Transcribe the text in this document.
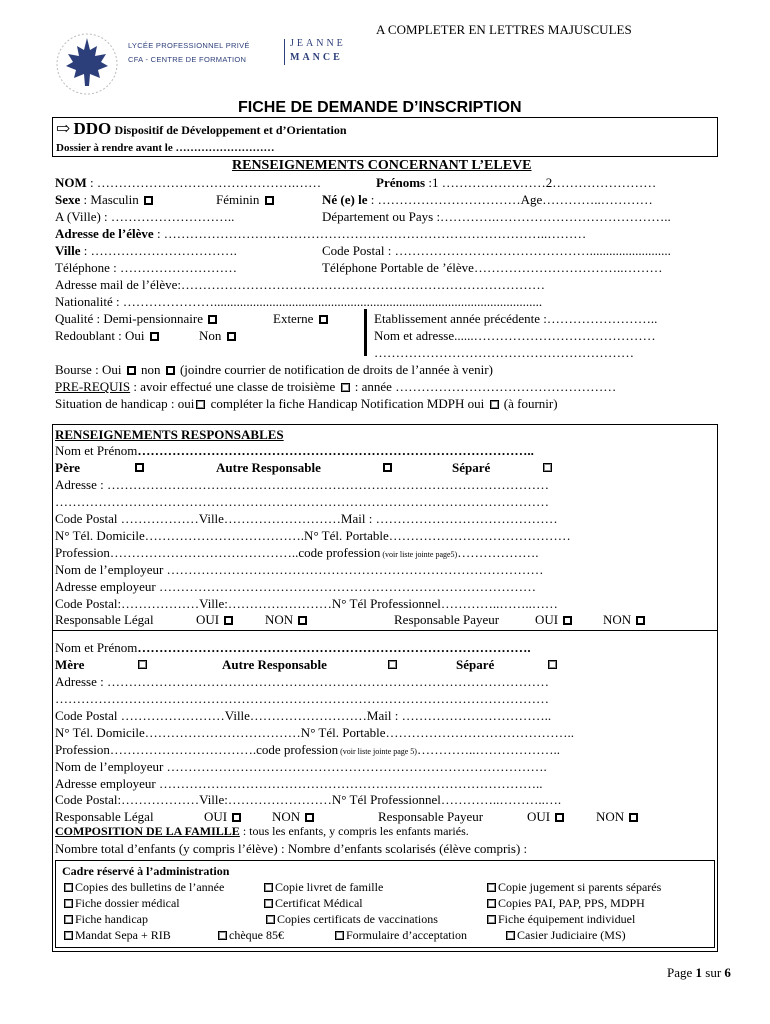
A COMPLETER EN LETTRES MAJUSCULES
LYCÉE PROFESSIONNEL PRIVÉ
CFA - CENTRE DE FORMATION
JEANNE
MANCE
FICHE DE DEMANDE D’INSCRIPTION
⇨ DDO Dispositif de Développement et d’Orientation
Dossier à rendre avant le ………………………
RENSEIGNEMENTS CONCERNANT L’ELEVE
NOM : ……………………………………….……	Prénoms :1 ……………………2……………………
Sexe : Masculin	Féminin	Né (e) le : ……………………………Age…………..…………
A (Ville) : ………………………..	Département ou Pays :………….…………………………………..
Adresse de l’élève : ……………………………………………………………………………..………
Ville : …………………………….	Code Postal : ……………………………………….........................
Téléphone : ………………………	Téléphone Portable de ’élève……………………………..………
Adresse mail de l’élève:…………………………………………………………………………
Nationalité : ………………….....................................................................................................
Qualité : Demi-pensionnaire	Externe
Redoublant : Oui	Non
Etablissement année précédente :……………………..
Nom et adresse......……………………………………
……………………………………………………
Bourse : Oui  non  (joindre courrier de notification de droits de l’année à venir)
PRE-REQUIS : avoir effectué une classe de troisième  : année ……………………………………………
Situation de handicap : oui compléter la fiche Handicap Notification MDPH oui  (à fournir)
RENSEIGNEMENTS RESPONSABLES
Nom et Prénom………………………………………………………………………………..
Père	Autre Responsable	Séparé
Adresse : …………………………………………………………………………………………
……………………………………………………………………………………………………
Code Postal ………………Ville………………………Mail : ……………………………………
N° Tél. Domicile……………………………….N° Tél. Portable……………………………………
Profession……………………………………..code profession (voir liste jointe page5)……………….
Nom de l’employeur ……………………………………………………………………………
Adresse employeur ……………………………………………………………………………
Code Postal:………………Ville:……………………N° Tél Professionnel…………..……..……
Responsable Légal	OUI	NON	Responsable Payeur	OUI	NON
Nom et Prénom……………………………………………………………………………….
Mère	Autre Responsable	Séparé
Adresse : …………………………………………………………………………………………
……………………………………………………………………………………………………
Code Postal ……………………Ville………………………Mail : ……………………………..
N° Tél. Domicile………………………………N° Tél. Portable……………………………………..
Profession…………………………….code profession (voir liste jointe page 5)…………..………………..
Nom de l’employeur …………………………………………………………………………….
Adresse employeur ……………………………………………………………………………..
Code Postal:………………Ville:……………………N° Tél Professionnel…………..………..….
Responsable Légal	OUI	NON	Responsable Payeur	OUI	NON
COMPOSITION DE LA FAMILLE : tous les enfants, y compris les enfants mariés.
Nombre total d’enfants (y compris l’élève) : Nombre d’enfants scolarisés (élève compris) :
Cadre réservé à l’administration
Copies des bulletins de l’année	Copie livret de famille	Copie jugement si parents séparés
Fiche dossier médical	Certificat Médical	Copies PAI, PAP, PPS, MDPH
Fiche handicap	Copies certificats de vaccinations	Fiche équipement individuel
Mandat Sepa + RIB	chèque 85€	Formulaire d’acceptation	Casier Judiciaire (MS)
Page 1 sur 6
